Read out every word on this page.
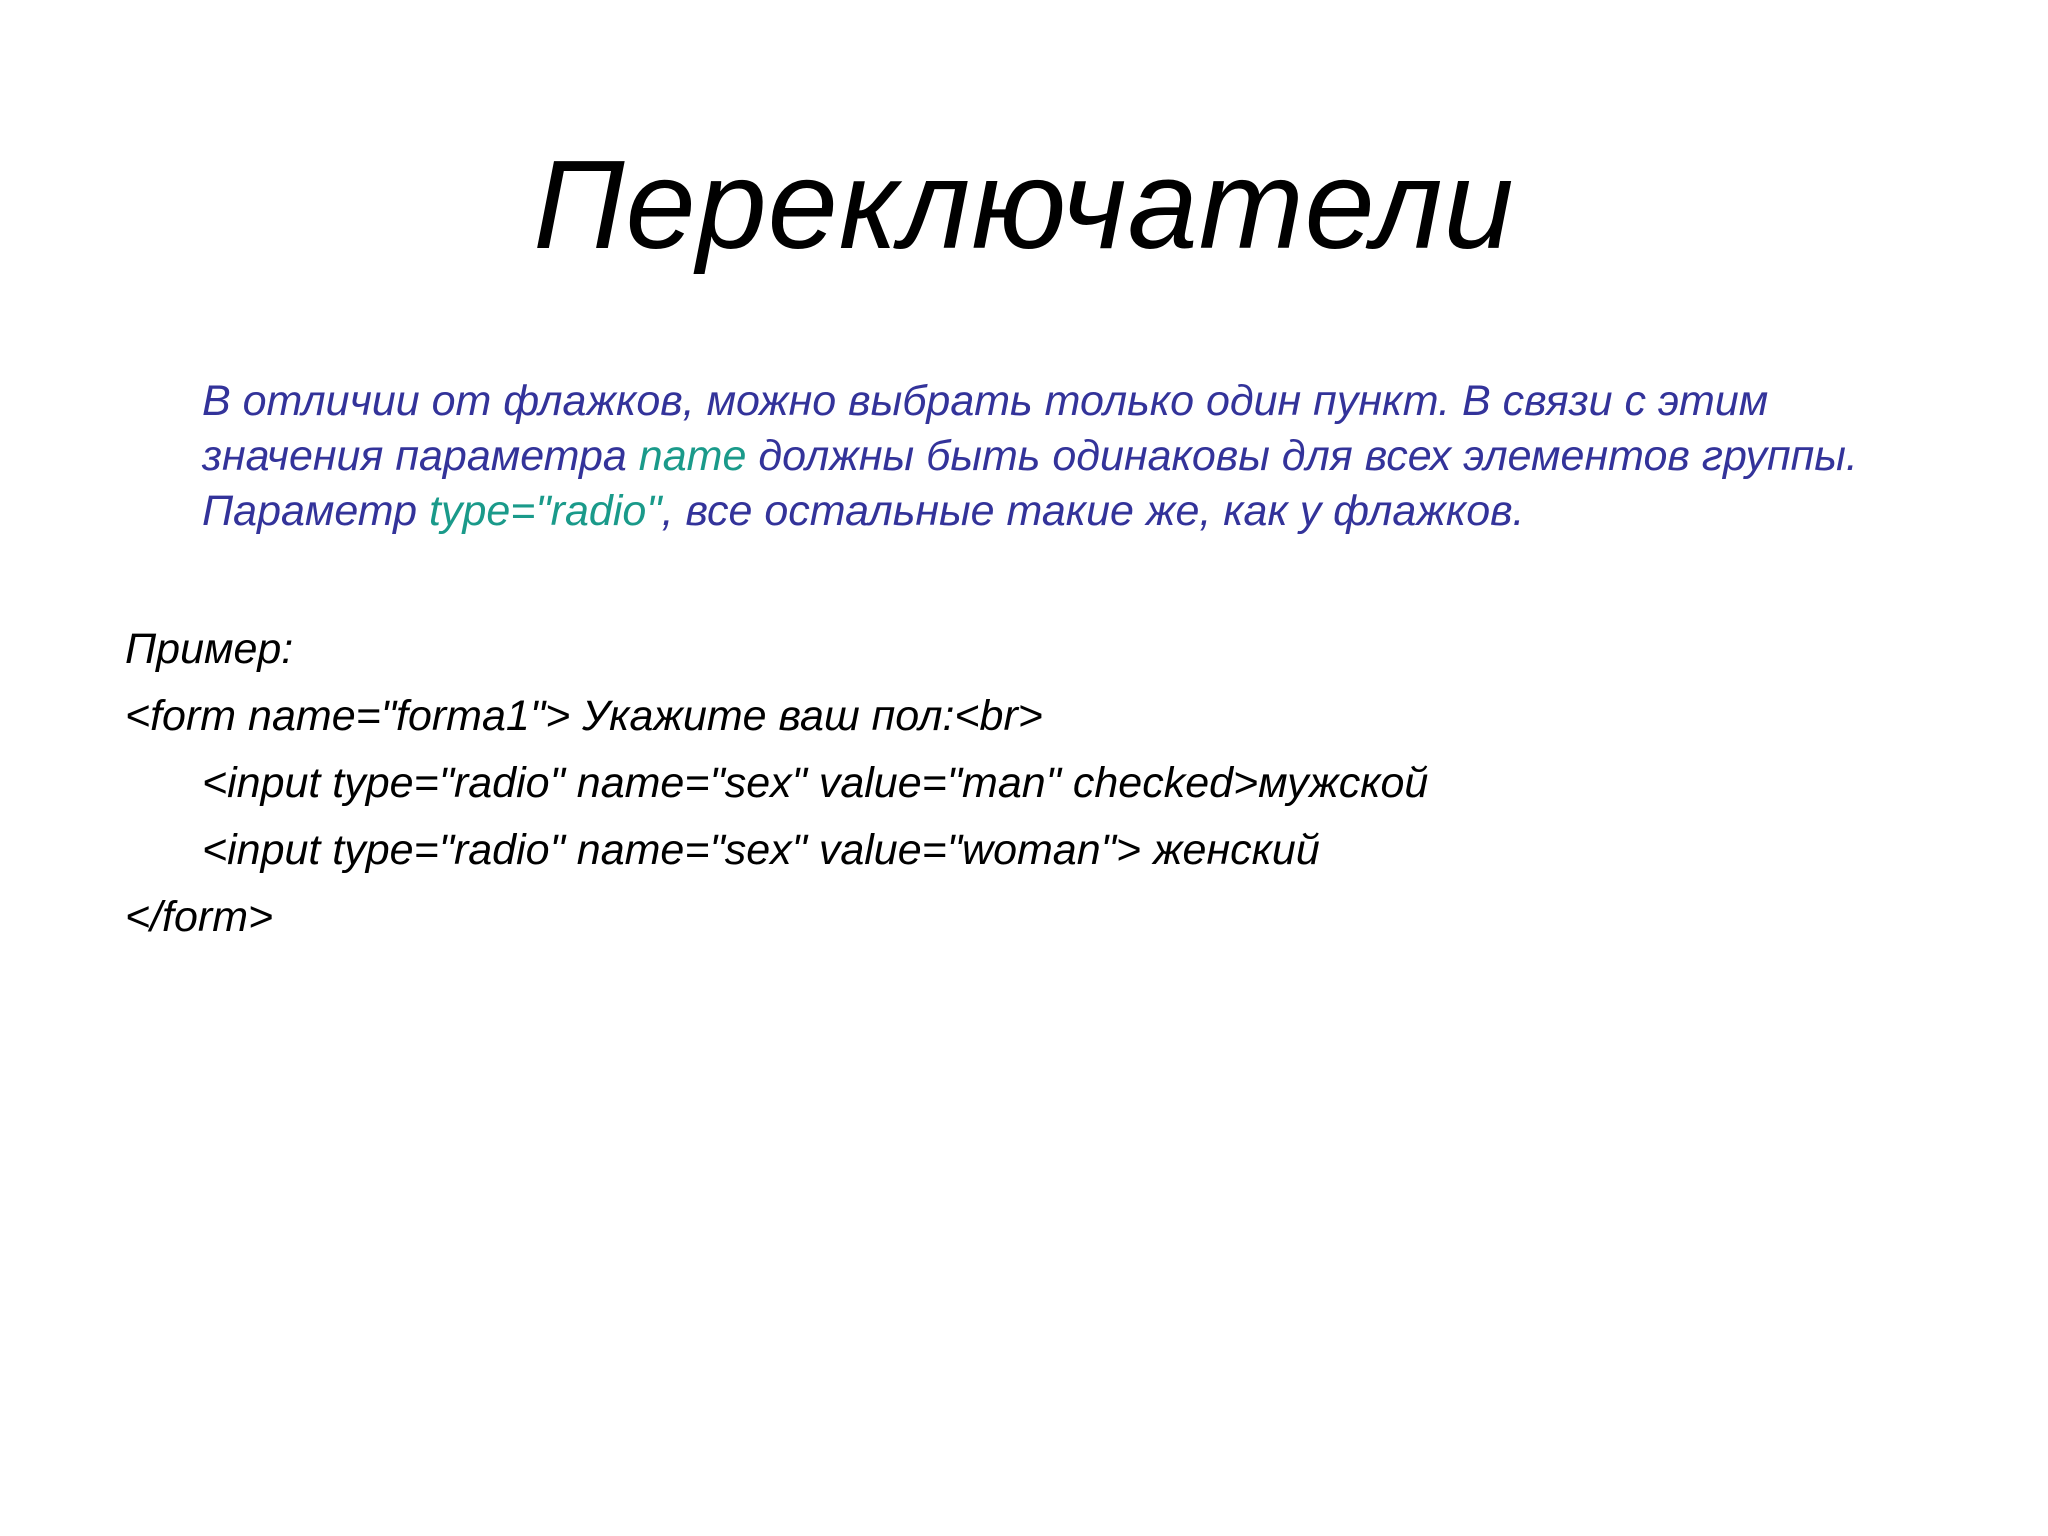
Переключатели
В отличии от флажков, можно выбрать только один пункт. В связи с этим значения параметра name должны быть одинаковы для всех элементов группы. Параметр type="radio", все остальные такие же, как у флажков.
Пример:
<form name="forma1"> Укажите ваш пол:<br>
<input type="radio" name="sex" value="man" checked>мужской
<input type="radio" name="sex" value="woman"> женский
</form>
